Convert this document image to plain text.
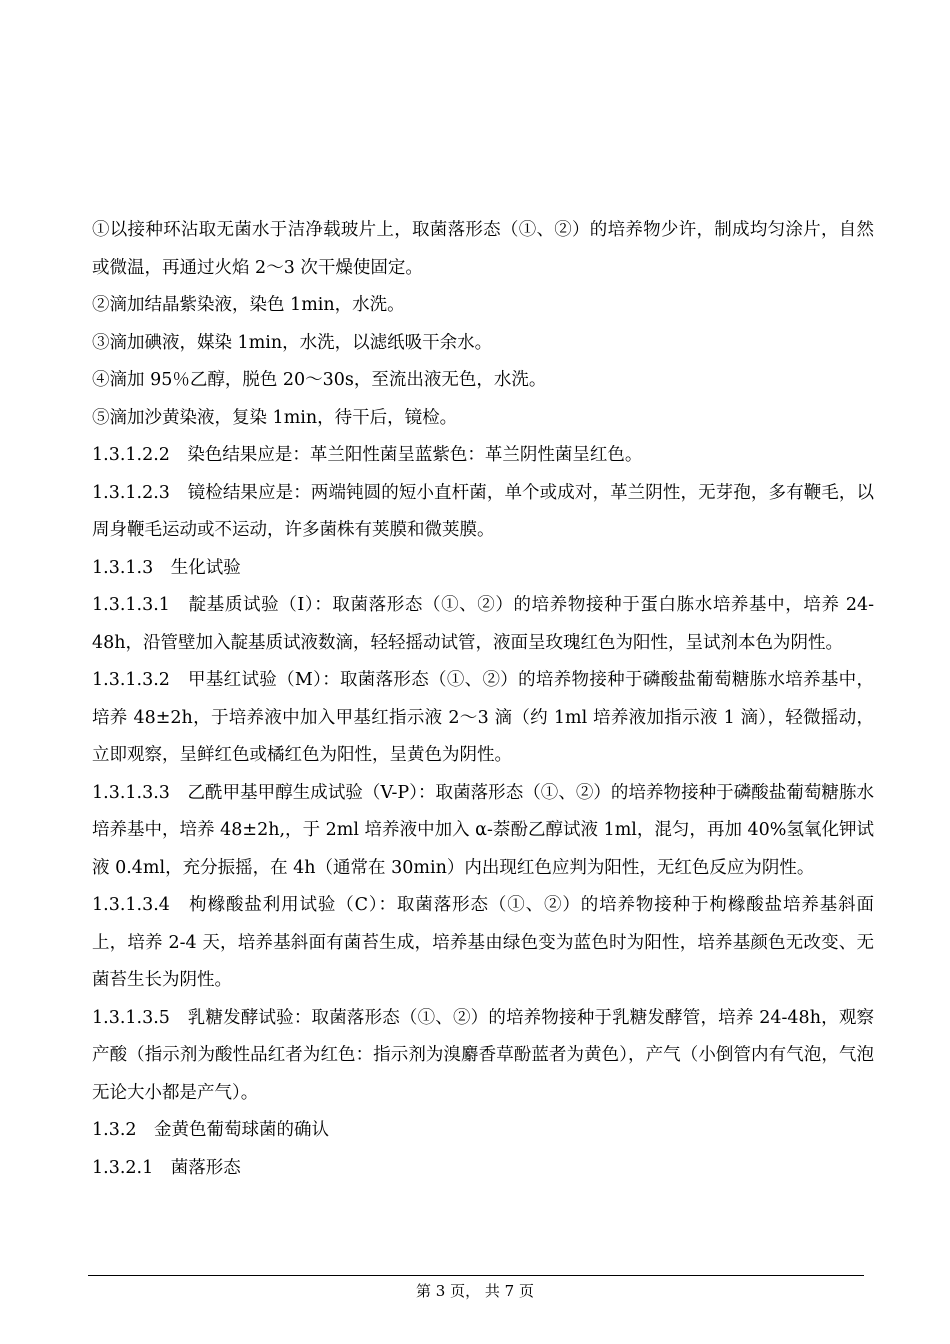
①以接种环沾取无菌水于洁净载玻片上，取菌落形态（①、②）的培养物少许，制成均匀涂片，自然或微温，再通过火焰 2～3 次干燥使固定。

②滴加结晶紫染液，染色 1min，水洗。

③滴加碘液，媒染 1min，水洗，以滤纸吸干余水。

④滴加 95％乙醇，脱色 20～30s，至流出液无色，水洗。

⑤滴加沙黄染液，复染 1min，待干后，镜检。

1.3.1.2.2　染色结果应是：革兰阳性菌呈蓝紫色：革兰阴性菌呈红色。

1.3.1.2.3　镜检结果应是：两端钝圆的短小直杆菌，单个或成对，革兰阴性，无芽孢，多有鞭毛，以周身鞭毛运动或不运动，许多菌株有荚膜和微荚膜。

1.3.1.3　生化试验

1.3.1.3.1　靛基质试验（I）：取菌落形态（①、②）的培养物接种于蛋白胨水培养基中，培养 24-48h，沿管壁加入靛基质试液数滴，轻轻摇动试管，液面呈玫瑰红色为阳性，呈试剂本色为阴性。

1.3.1.3.2　甲基红试验（M）：取菌落形态（①、②）的培养物接种于磷酸盐葡萄糖胨水培养基中，培养 48±2h，于培养液中加入甲基红指示液 2～3 滴（约 1ml 培养液加指示液 1 滴），轻微摇动，立即观察，呈鲜红色或橘红色为阳性，呈黄色为阴性。

1.3.1.3.3　乙酰甲基甲醇生成试验（V-P）：取菌落形态（①、②）的培养物接种于磷酸盐葡萄糖胨水培养基中，培养 48±2h,，于 2ml 培养液中加入 α-萘酚乙醇试液 1ml，混匀，再加 40%氢氧化钾试液 0.4ml，充分振摇，在 4h（通常在 30min）内出现红色应判为阳性，无红色反应为阴性。

1.3.1.3.4　枸橼酸盐利用试验（C）：取菌落形态（①、②）的培养物接种于枸橼酸盐培养基斜面上，培养 2-4 天，培养基斜面有菌苔生成，培养基由绿色变为蓝色时为阳性，培养基颜色无改变、无菌苔生长为阴性。

1.3.1.3.5　乳糖发酵试验：取菌落形态（①、②）的培养物接种于乳糖发酵管，培养 24-48h，观察产酸（指示剂为酸性品红者为红色：指示剂为溴麝香草酚蓝者为黄色），产气（小倒管内有气泡，气泡无论大小都是产气）。

1.3.2　金黄色葡萄球菌的确认

1.3.2.1　菌落形态

第 3 页， 共 7 页
